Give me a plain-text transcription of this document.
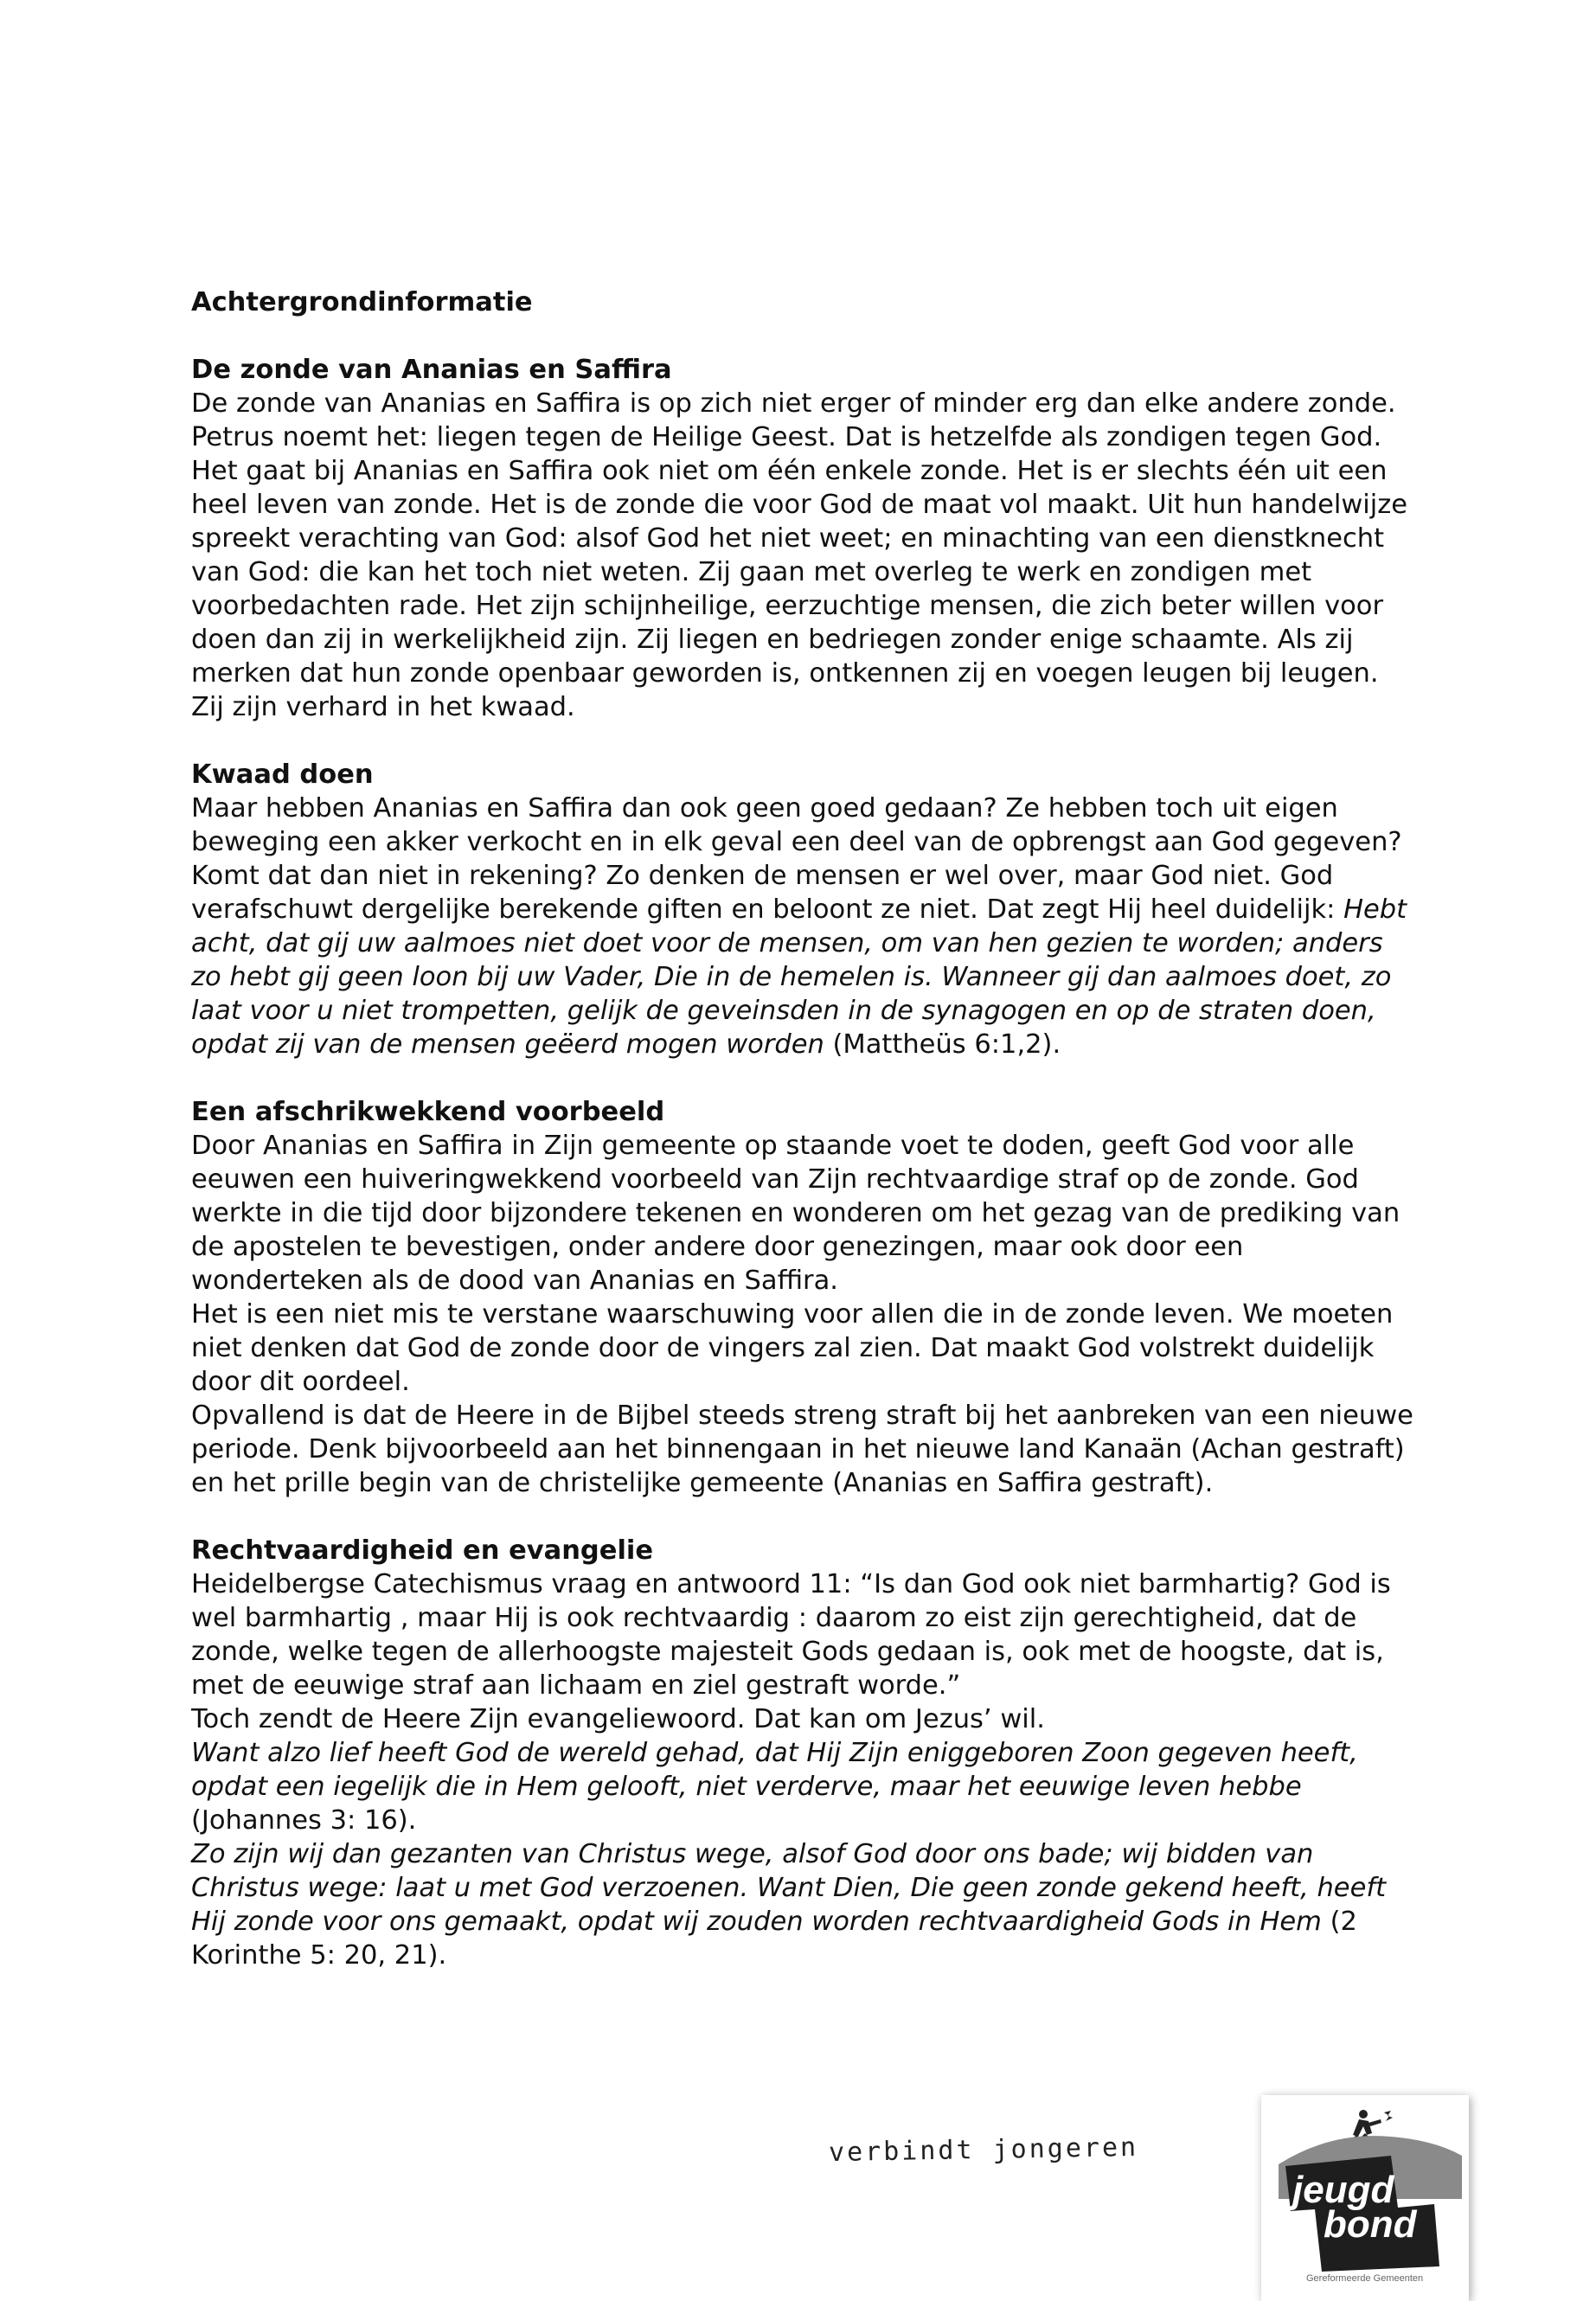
Achtergrondinformatie
De zonde van Ananias en Saffira

De zonde van Ananias en Saffira is op zich niet erger of minder erg dan elke andere zonde. Petrus noemt het: liegen tegen de Heilige Geest. Dat is hetzelfde als zondigen tegen God. Het gaat bij Ananias en Saffira ook niet om één enkele zonde. Het is er slechts één uit een heel leven van zonde. Het is de zonde die voor God de maat vol maakt. Uit hun handelwijze spreekt verachting van God: alsof God het niet weet; en minachting van een dienstknecht van God: die kan het toch niet weten. Zij gaan met overleg te werk en zondigen met voorbedachten rade. Het zijn schijnheilige, eerzuchtige mensen, die zich beter willen voor doen dan zij in werkelijkheid zijn. Zij liegen en bedriegen zonder enige schaamte. Als zij merken dat hun zonde openbaar geworden is, ontkennen zij en voegen leugen bij leugen. Zij zijn verhard in het kwaad.

Kwaad doen

Maar hebben Ananias en Saffira dan ook geen goed gedaan? Ze hebben toch uit eigen beweging een akker verkocht en in elk geval een deel van de opbrengst aan God gegeven? Komt dat dan niet in rekening? Zo denken de mensen er wel over, maar God niet. God verafschuwt dergelijke berekende giften en beloont ze niet. Dat zegt Hij heel duidelijk: Hebt acht, dat gij uw aalmoes niet doet voor de mensen, om van hen gezien te worden; anders zo hebt gij geen loon bij uw Vader, Die in de hemelen is. Wanneer gij dan aalmoes doet, zo laat voor u niet trompetten, gelijk de geveinsden in de synagogen en op de straten doen, opdat zij van de mensen geëerd mogen worden (Mattheüs 6:1,2).

Een afschrikwekkend voorbeeld

Door Ananias en Saffira in Zijn gemeente op staande voet te doden, geeft God voor alle eeuwen een huiveringwekkend voorbeeld van Zijn rechtvaardige straf op de zonde. God werkte in die tijd door bijzondere tekenen en wonderen om het gezag van de prediking van de apostelen te bevestigen, onder andere door genezingen, maar ook door een wonderteken als de dood van Ananias en Saffira.

Het is een niet mis te verstane waarschuwing voor allen die in de zonde leven. We moeten niet denken dat God de zonde door de vingers zal zien. Dat maakt God volstrekt duidelijk door dit oordeel.

Opvallend is dat de Heere in de Bijbel steeds streng straft bij het aanbreken van een nieuwe periode. Denk bijvoorbeeld aan het binnengaan in het nieuwe land Kanaän (Achan gestraft) en het prille begin van de christelijke gemeente (Ananias en Saffira gestraft).

Rechtvaardigheid en evangelie

Heidelbergse Catechismus vraag en antwoord 11: “Is dan God ook niet barmhartig? God is wel barmhartig , maar Hij is ook rechtvaardig : daarom zo eist zijn gerechtigheid, dat de zonde, welke tegen de allerhoogste majesteit Gods gedaan is, ook met de hoogste, dat is, met de eeuwige straf aan lichaam en ziel gestraft worde.”

Toch zendt de Heere Zijn evangeliewoord. Dat kan om Jezus’ wil.

Want alzo lief heeft God de wereld gehad, dat Hij Zijn eniggeboren Zoon gegeven heeft, opdat een iegelijk die in Hem gelooft, niet verderve, maar het eeuwige leven hebbe (Johannes 3: 16).

Zo zijn wij dan gezanten van Christus wege, alsof God door ons bade; wij bidden van Christus wege: laat u met God verzoenen. Want Dien, Die geen zonde gekend heeft, heeft Hij zonde voor ons gemaakt, opdat wij zouden worden rechtvaardigheid Gods in Hem (2 Korinthe 5: 20, 21).

verbindt jongeren
jeugd
bond
Gereformeerde Gemeenten
